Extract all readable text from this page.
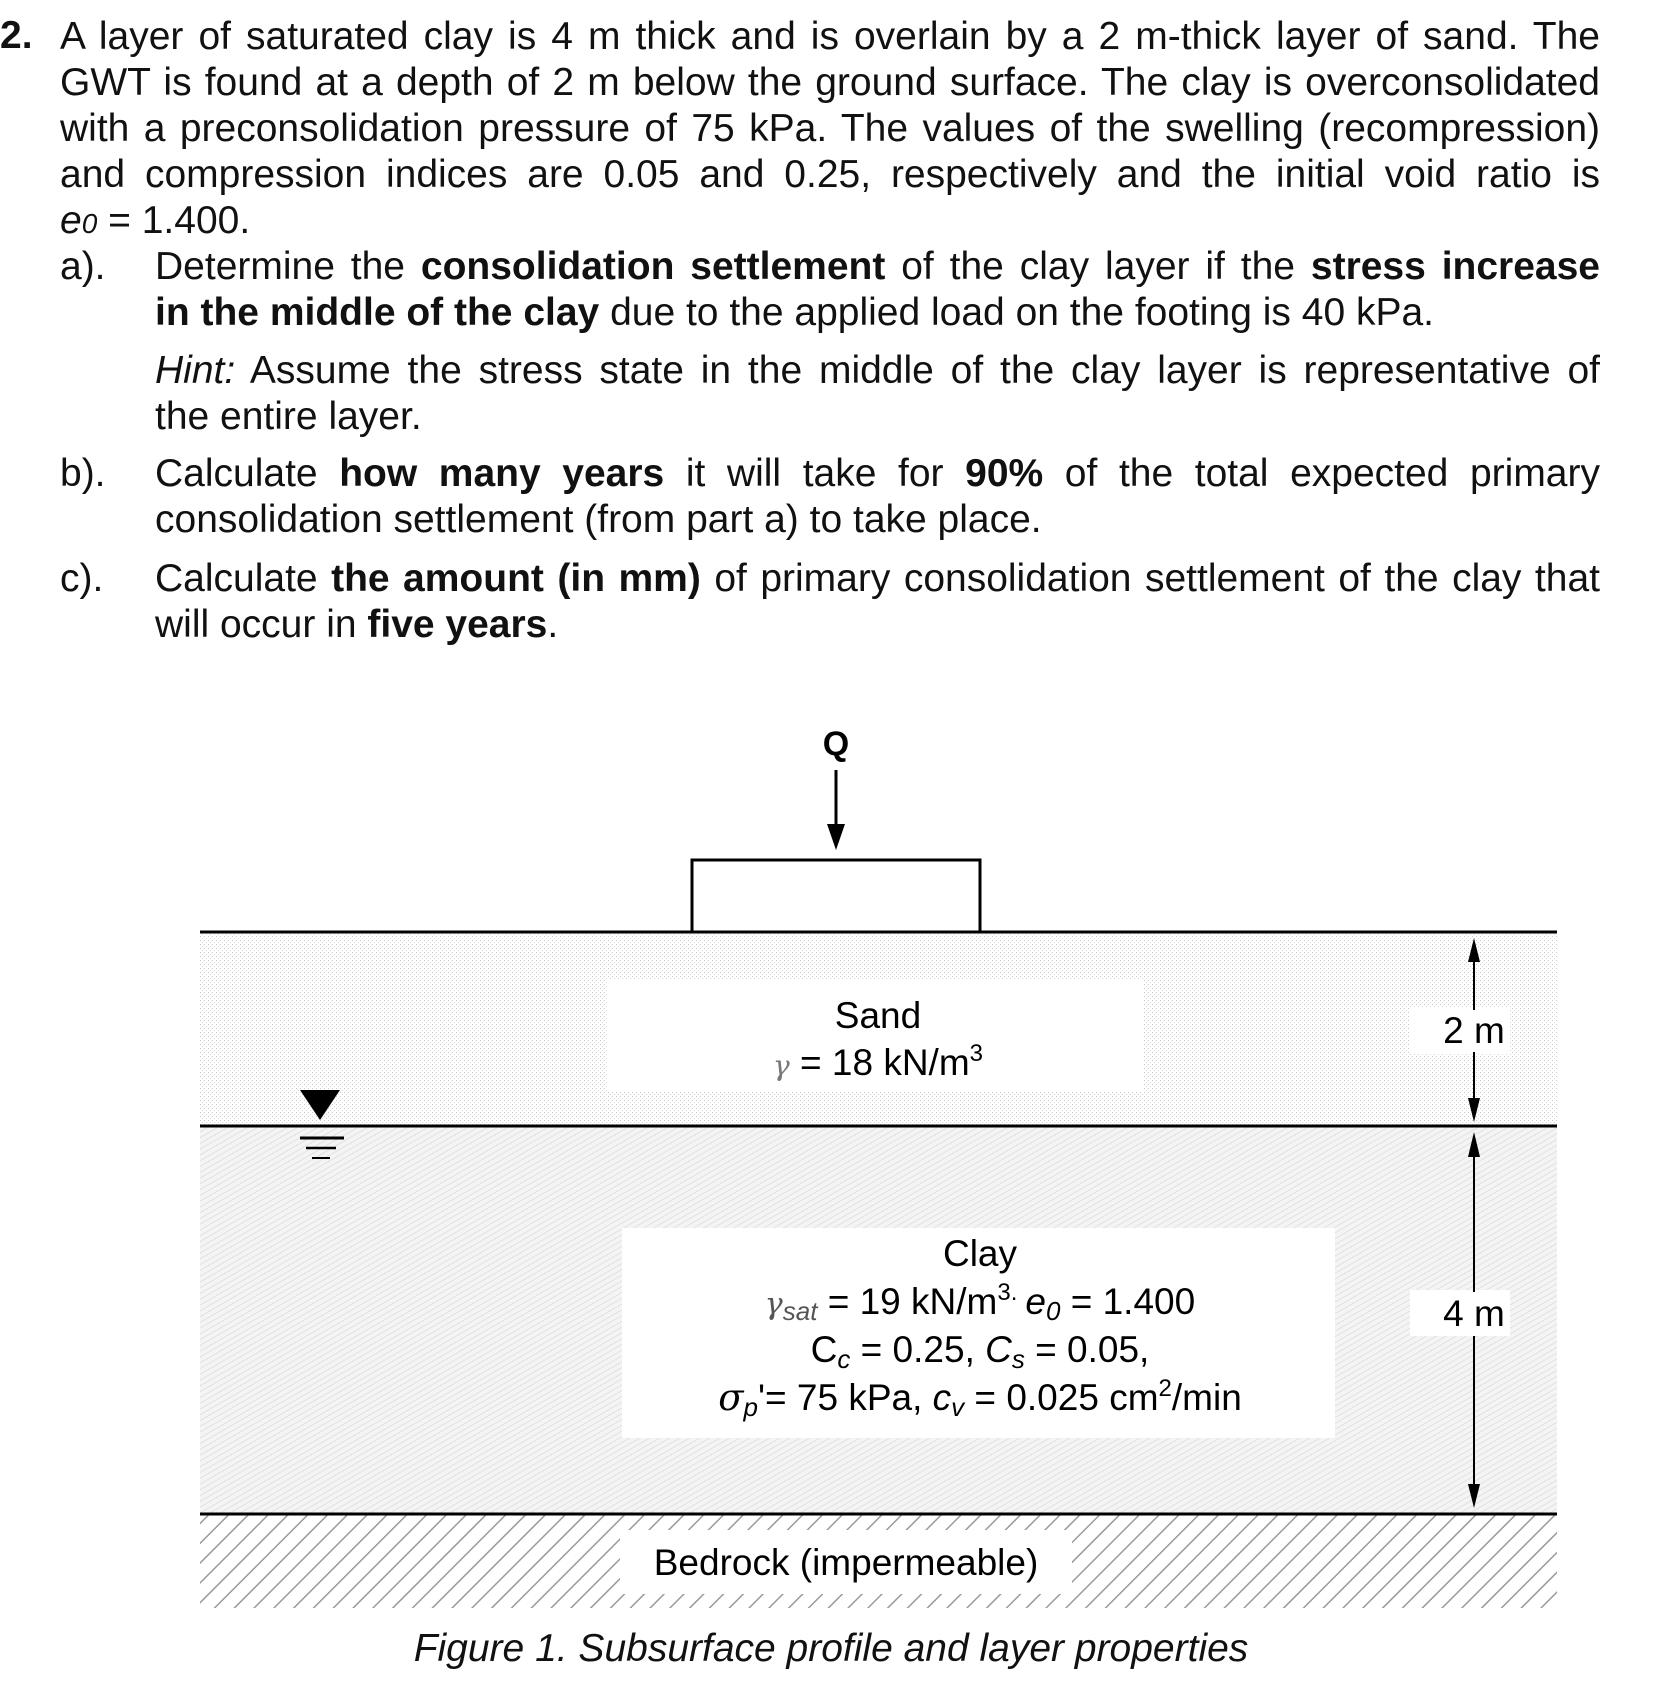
2. A layer of saturated clay is 4 m thick and is overlain by a 2 m-thick layer of sand. The
GWT is found at a depth of 2 m below the ground surface. The clay is overconsolidated
with a preconsolidation pressure of 75 kPa. The values of the swelling (recompression)
and compression indices are 0.05 and 0.25, respectively and the initial void ratio is
e0 = 1.400.
a). Determine the consolidation settlement of the clay layer if the stress increase
in the middle of the clay due to the applied load on the footing is 40 kPa.
Hint: Assume the stress state in the middle of the clay layer is representative of
the entire layer.
b). Calculate how many years it will take for 90% of the total expected primary
consolidation settlement (from part a) to take place.
c). Calculate the amount (in mm) of primary consolidation settlement of the clay that
will occur in five years.
Q
Sand
γ = 18 $kN/m^3$
Clay
γsat = 19 $kN/m^{3.}$ e0 = 1.400
Cc = 0.25, Cs = 0.05,
σp'= 75 kPa, cv = 0.025 $cm^2/\min$
Bedrock (impermeable)
2 m
4 m
Figure 1. Subsurface profile and layer properties
